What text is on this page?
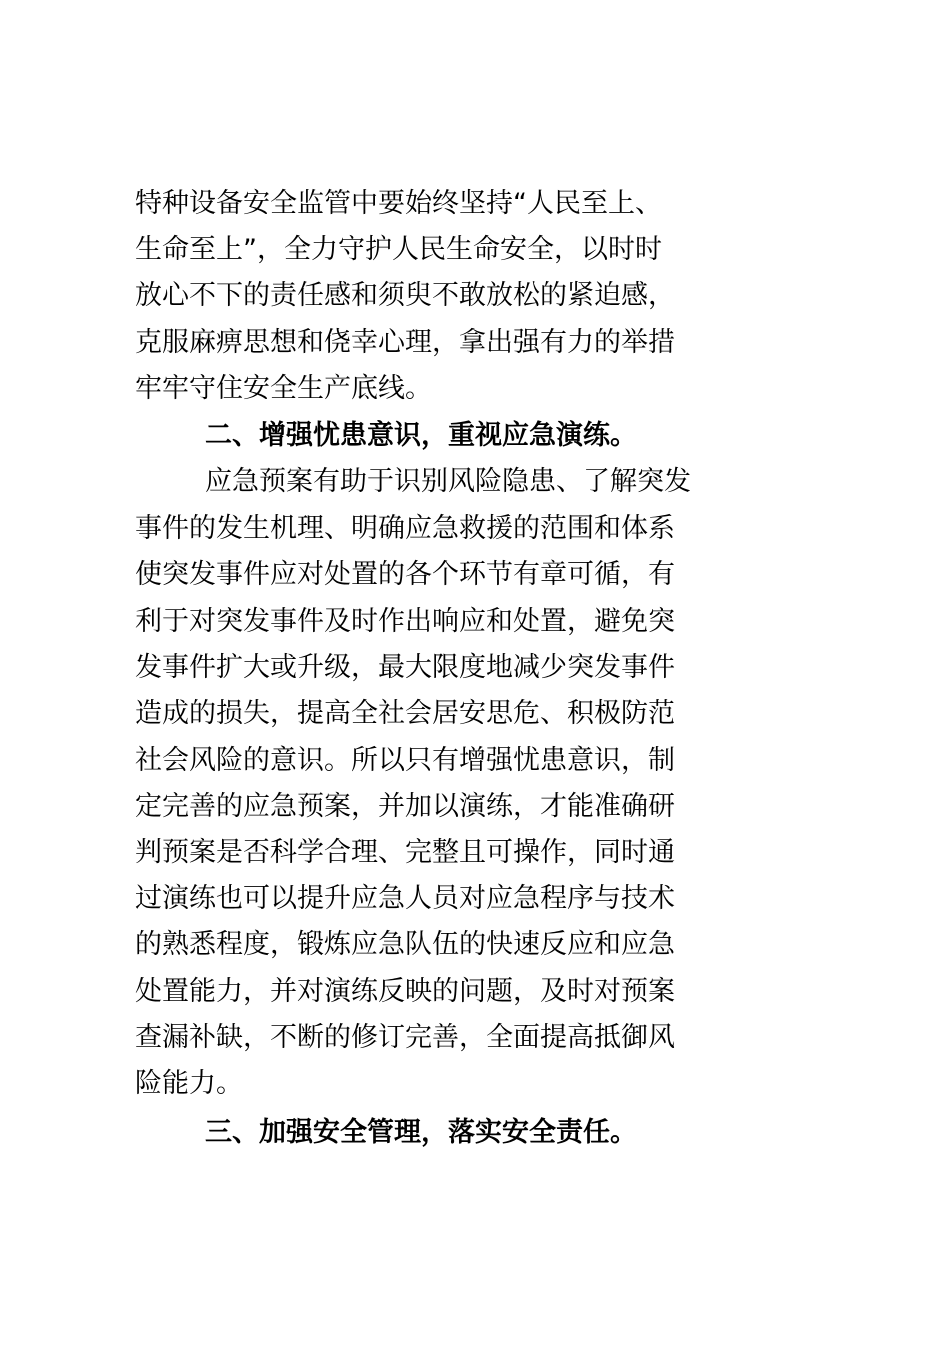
特种设备安全监管中要始终坚持“人民至上、
生命至上”，全力守护人民生命安全，以时时
放心不下的责任感和须臾不敢放松的紧迫感，
克服麻痹思想和侥幸心理，拿出强有力的举措
牢牢守住安全生产底线。
二、增强忧患意识，重视应急演练。
应急预案有助于识别风险隐患、了解突发
事件的发生机理、明确应急救援的范围和体系
使突发事件应对处置的各个环节有章可循，有
利于对突发事件及时作出响应和处置，避免突
发事件扩大或升级，最大限度地减少突发事件
造成的损失，提高全社会居安思危、积极防范
社会风险的意识。所以只有增强忧患意识，制
定完善的应急预案，并加以演练，才能准确研
判预案是否科学合理、完整且可操作，同时通
过演练也可以提升应急人员对应急程序与技术
的熟悉程度，锻炼应急队伍的快速反应和应急
处置能力，并对演练反映的问题，及时对预案
查漏补缺，不断的修订完善，全面提高抵御风
险能力。
三、加强安全管理，落实安全责任。
